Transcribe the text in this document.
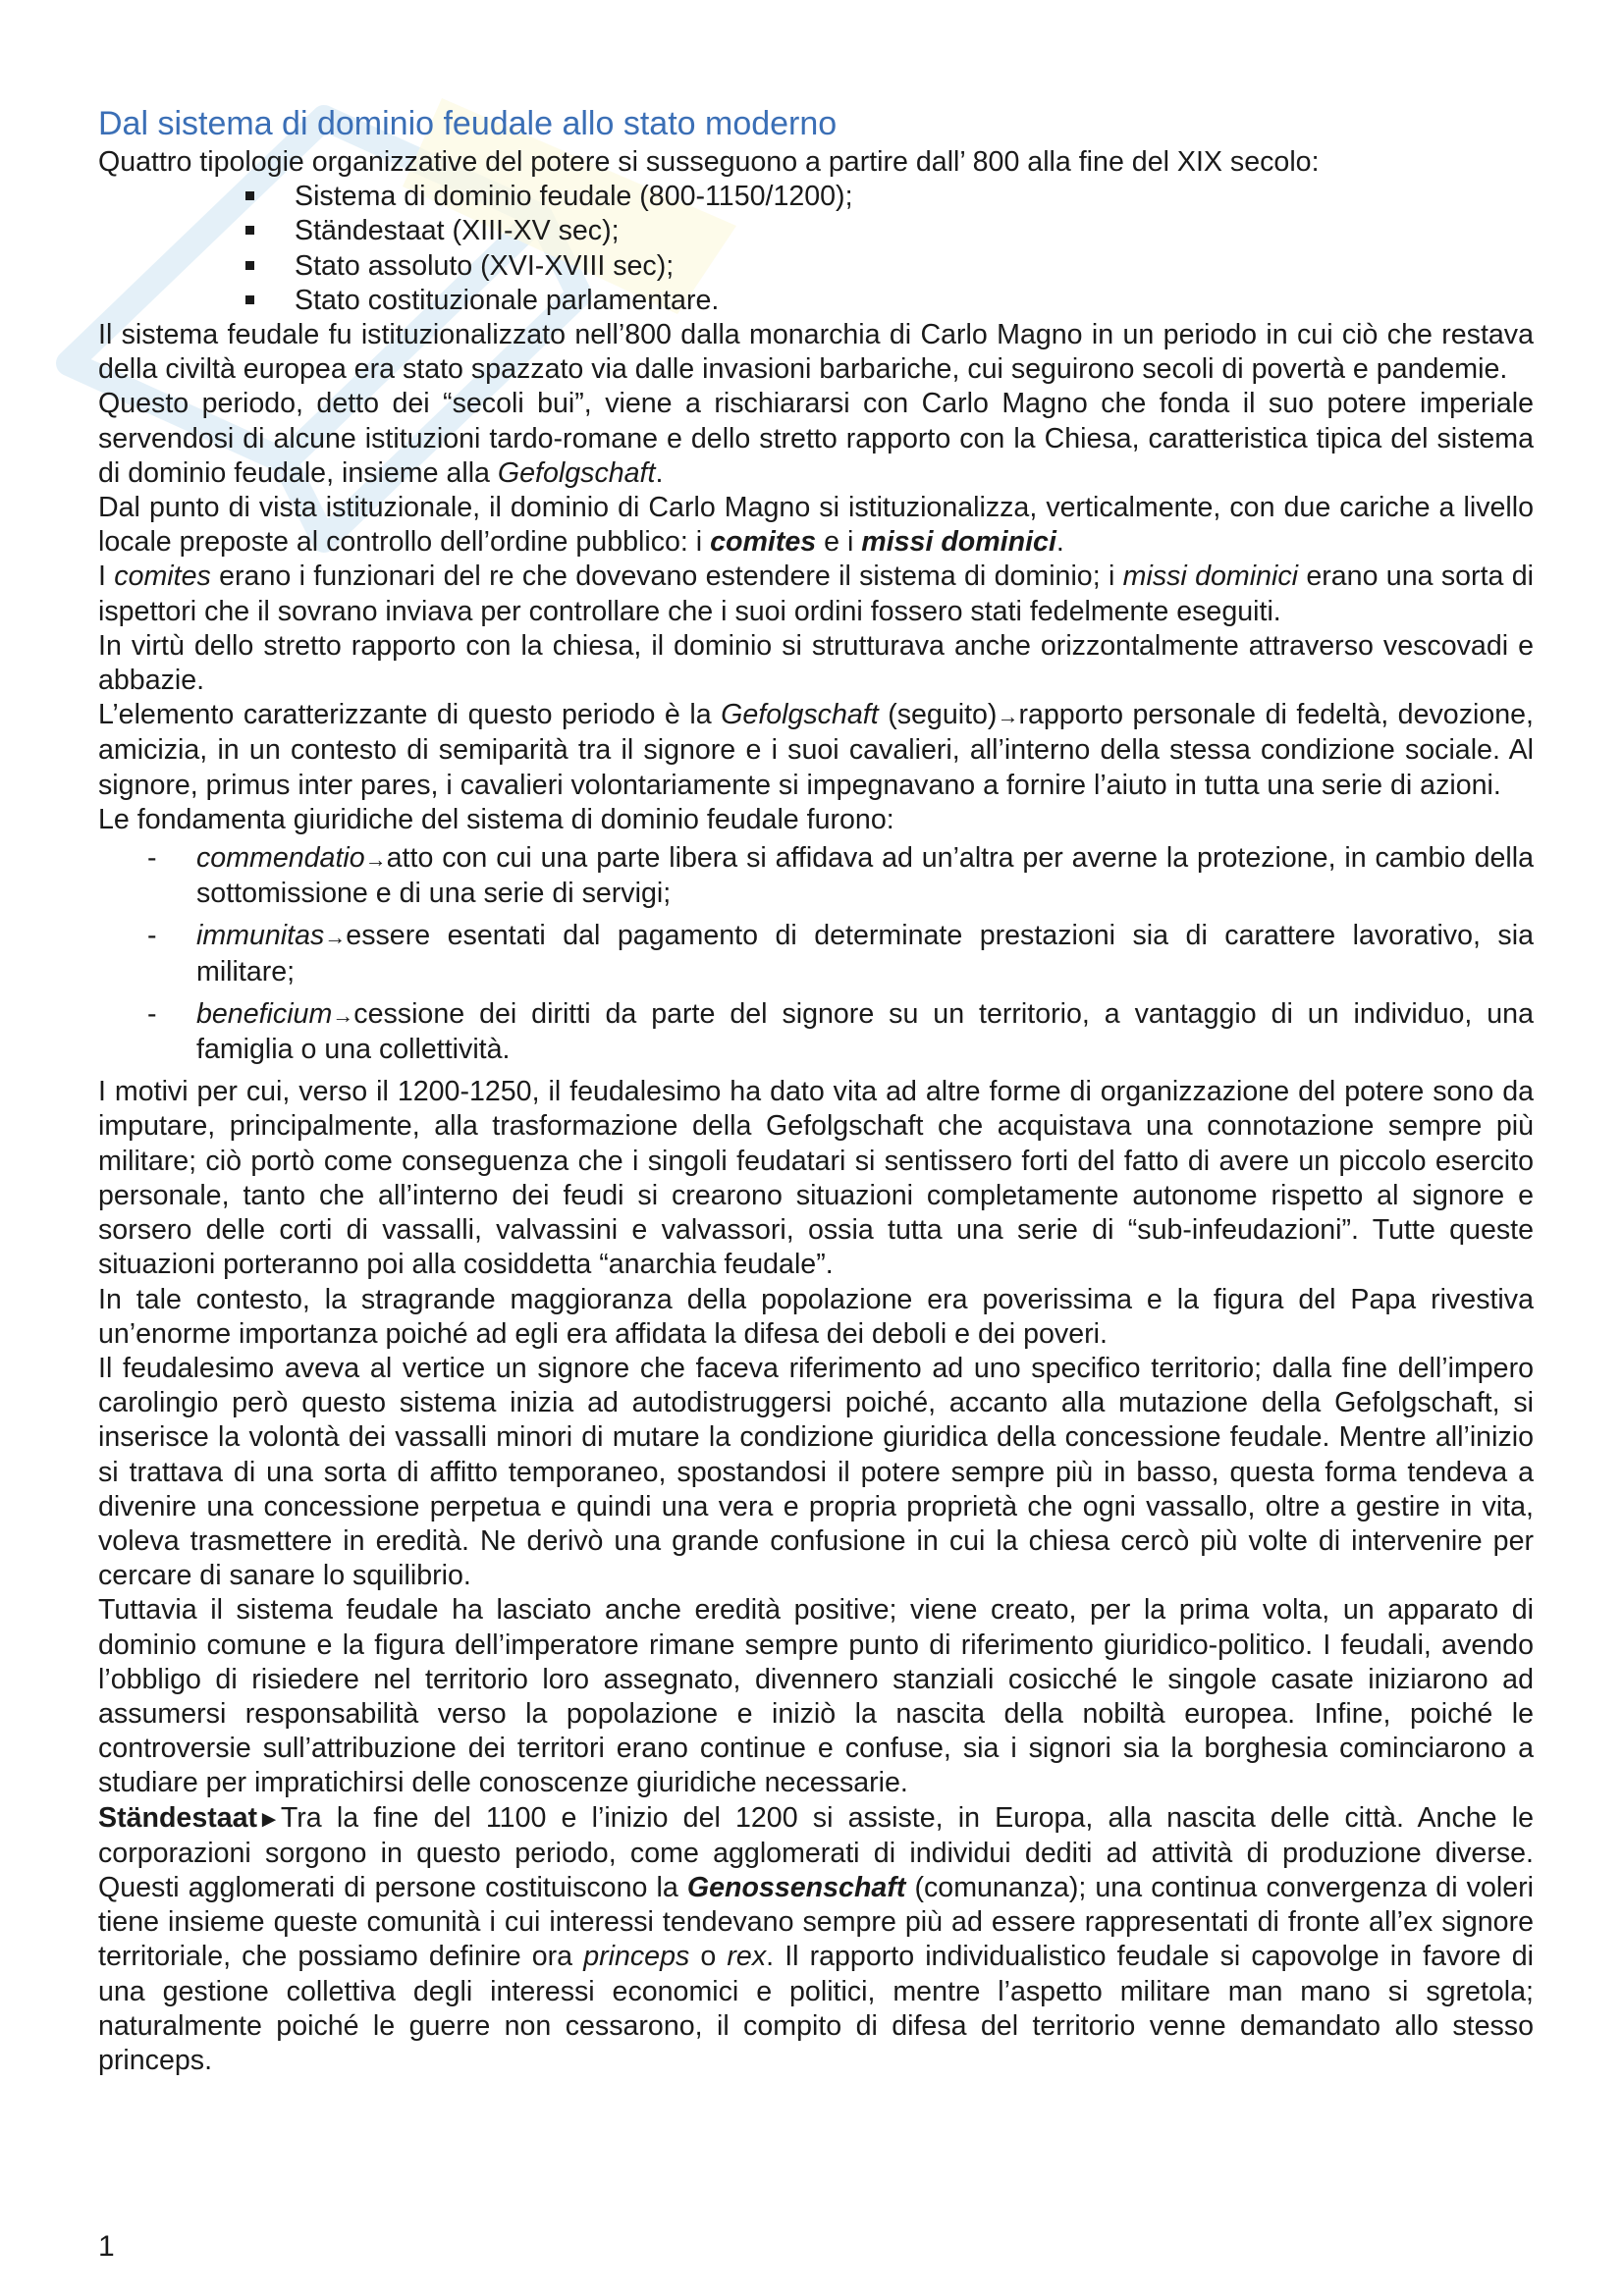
Dal sistema di dominio feudale allo stato moderno

Quattro tipologie organizzative del potere si susseguono a partire dall’ 800 alla fine del XIX secolo:

Sistema di dominio feudale (800-1150/1200);
Ständestaat (XIII-XV sec);
Stato assoluto (XVI-XVIII sec);
Stato costituzionale parlamentare.

Il sistema feudale fu istituzionalizzato nell’800 dalla monarchia di Carlo Magno in un periodo in cui ciò che restava della civiltà europea era stato spazzato via dalle invasioni barbariche, cui seguirono secoli di povertà e pandemie.

Questo periodo, detto dei “secoli bui”, viene a rischiararsi con Carlo Magno che fonda il suo potere imperiale servendosi di alcune istituzioni tardo-romane e dello stretto rapporto con la Chiesa, caratteristica tipica del sistema di dominio feudale, insieme alla Gefolgschaft.

Dal punto di vista istituzionale, il dominio di Carlo Magno si istituzionalizza, verticalmente, con due cariche a livello locale preposte al controllo dell’ordine pubblico: i comites e i missi dominici.

I comites erano i funzionari del re che dovevano estendere il sistema di dominio; i missi dominici erano una sorta di ispettori che il sovrano inviava per controllare che i suoi ordini fossero stati fedelmente eseguiti.

In virtù dello stretto rapporto con la chiesa, il dominio si strutturava anche orizzontalmente attraverso vescovadi e abbazie.

L’elemento caratterizzante di questo periodo è la Gefolgschaft (seguito)→rapporto personale di fedeltà, devozione, amicizia, in un contesto di semiparità tra il signore e i suoi cavalieri, all’interno della stessa condizione sociale. Al signore, primus inter pares, i cavalieri volontariamente si impegnavano a fornire l’aiuto in tutta una serie di azioni.

Le fondamenta giuridiche del sistema di dominio feudale furono:

- commendatio→atto con cui una parte libera si affidava ad un’altra per averne la protezione, in cambio della sottomissione e di una serie di servigi;
- immunitas→essere esentati dal pagamento di determinate prestazioni sia di carattere lavorativo, sia militare;
- beneficium→cessione dei diritti da parte del signore su un territorio, a vantaggio di un individuo, una famiglia o una collettività.

I motivi per cui, verso il 1200-1250, il feudalesimo ha dato vita ad altre forme di organizzazione del potere sono da imputare, principalmente, alla trasformazione della Gefolgschaft che acquistava una connotazione sempre più militare; ciò portò come conseguenza che i singoli feudatari si sentissero forti del fatto di avere un piccolo esercito personale, tanto che all’interno dei feudi si crearono situazioni completamente autonome rispetto al signore e sorsero delle corti di vassalli, valvassini e valvassori, ossia tutta una serie di “sub-infeudazioni”. Tutte queste situazioni porteranno poi alla cosiddetta “anarchia feudale”.

In tale contesto, la stragrande maggioranza della popolazione era poverissima e la figura del Papa rivestiva un’enorme importanza poiché ad egli era affidata la difesa dei deboli e dei poveri.

Il feudalesimo aveva al vertice un signore che faceva riferimento ad uno specifico territorio; dalla fine dell’impero carolingio però questo sistema inizia ad autodistruggersi poiché, accanto alla mutazione della Gefolgschaft, si inserisce la volontà dei vassalli minori di mutare la condizione giuridica della concessione feudale. Mentre all’inizio si trattava di una sorta di affitto temporaneo, spostandosi il potere sempre più in basso, questa forma tendeva a divenire una concessione perpetua e quindi una vera e propria proprietà che ogni vassallo, oltre a gestire in vita, voleva trasmettere in eredità. Ne derivò una grande confusione in cui la chiesa cercò più volte di intervenire per cercare di sanare lo squilibrio.

Tuttavia il sistema feudale ha lasciato anche eredità positive; viene creato, per la prima volta, un apparato di dominio comune e la figura dell’imperatore rimane sempre punto di riferimento giuridico-politico. I feudali, avendo l’obbligo di risiedere nel territorio loro assegnato, divennero stanziali cosicché le singole casate iniziarono ad assumersi responsabilità verso la popolazione e iniziò la nascita della nobiltà europea. Infine, poiché le controversie sull’attribuzione dei territori erano continue e confuse, sia i signori sia la borghesia cominciarono a studiare per impratichirsi delle conoscenze giuridiche necessarie.

Ständestaat►Tra la fine del 1100 e l’inizio del 1200 si assiste, in Europa, alla nascita delle città. Anche le corporazioni sorgono in questo periodo, come agglomerati di individui dediti ad attività di produzione diverse. Questi agglomerati di persone costituiscono la Genossenschaft (comunanza); una continua convergenza di voleri tiene insieme queste comunità i cui interessi tendevano sempre più ad essere rappresentati di fronte all’ex signore territoriale, che possiamo definire ora princeps o rex. Il rapporto individualistico feudale si capovolge in favore di una gestione collettiva degli interessi economici e politici, mentre l’aspetto militare man mano si sgretola; naturalmente poiché le guerre non cessarono, il compito di difesa del territorio venne demandato allo stesso princeps.

1
